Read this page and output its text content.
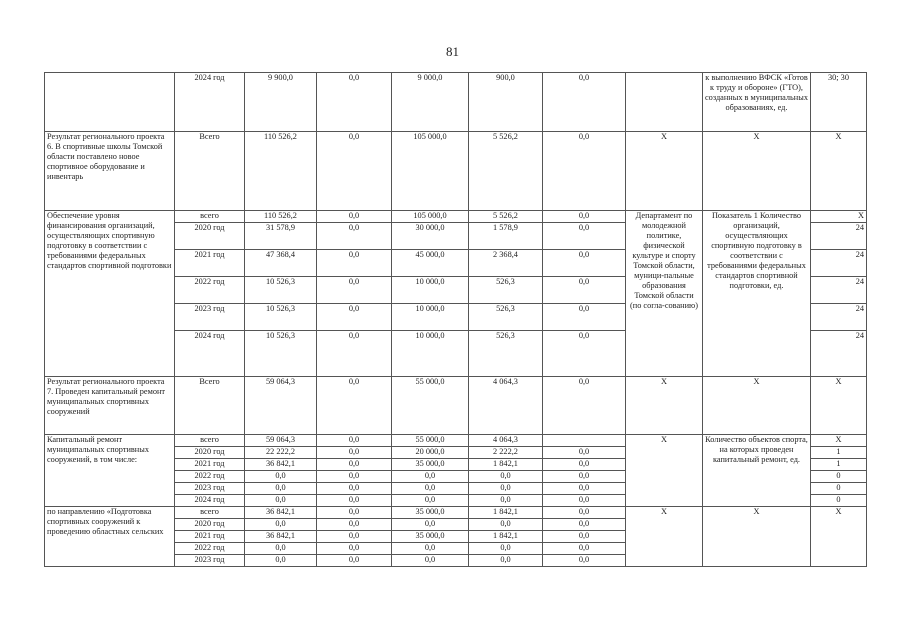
81
	2024 год	9 900,0	0,0	9 000,0	900,0	0,0		к выполнению ВФСК «Готов к труду и обороне» (ГТО), созданных в муниципальных образованиях, ед.	30; 30
Результат регионального проекта 6. В спортивные школы Томской области поставлено новое спортивное оборудование и инвентарь	Всего	110 526,2	0,0	105 000,0	5 526,2	0,0	Х	Х	Х
Обеспечение уровня финансирования организаций, осуществляющих спортивную подготовку в соответствии с требованиями федеральных стандартов спортивной подготовки	всего	110 526,2	0,0	105 000,0	5 526,2	0,0	Департамент по молодежной политике, физической культуре и спорту Томской области, муници-пальные образования Томской области (по согла-сованию)	Показатель 1 Количество организаций, осуществляющих спортивную подготовку в соответствии с требованиями федеральных стандартов спортивной подготовки, ед.	Х
	2020 год	31 578,9	0,0	30 000,0	1 578,9	0,0			24
	2021 год	47 368,4	0,0	45 000,0	2 368,4	0,0			24
	2022 год	10 526,3	0,0	10 000,0	526,3	0,0			24
	2023 год	10 526,3	0,0	10 000,0	526,3	0,0			24
	2024 год	10 526,3	0,0	10 000,0	526,3	0,0			24
Результат регионального проекта 7. Проведен капитальный ремонт муниципальных спортивных сооружений	Всего	59 064,3	0,0	55 000,0	4 064,3	0,0	Х	Х	Х
Капитальный ремонт муниципальных спортивных сооружений, в том числе:	всего	59 064,3	0,0	55 000,0	4 064,3		Х	Количество объектов спорта, на которых проведен капитальный ремонт, ед.	Х
	2020 год	22 222,2	0,0	20 000,0	2 222,2	0,0			1
	2021 год	36 842,1	0,0	35 000,0	1 842,1	0,0			1
	2022 год	0,0	0,0	0,0	0,0	0,0			0
	2023 год	0,0	0,0	0,0	0,0	0,0			0
	2024 год	0,0	0,0	0,0	0,0	0,0			0
по направлению «Подготовка спортивных сооружений к проведению областных сельских	всего	36 842,1	0,0	35 000,0	1 842,1	0,0	Х	Х	Х
	2020 год	0,0	0,0	0,0	0,0	0,0			
	2021 год	36 842,1	0,0	35 000,0	1 842,1	0,0			
	2022 год	0,0	0,0	0,0	0,0	0,0			
	2023 год	0,0	0,0	0,0	0,0	0,0			
